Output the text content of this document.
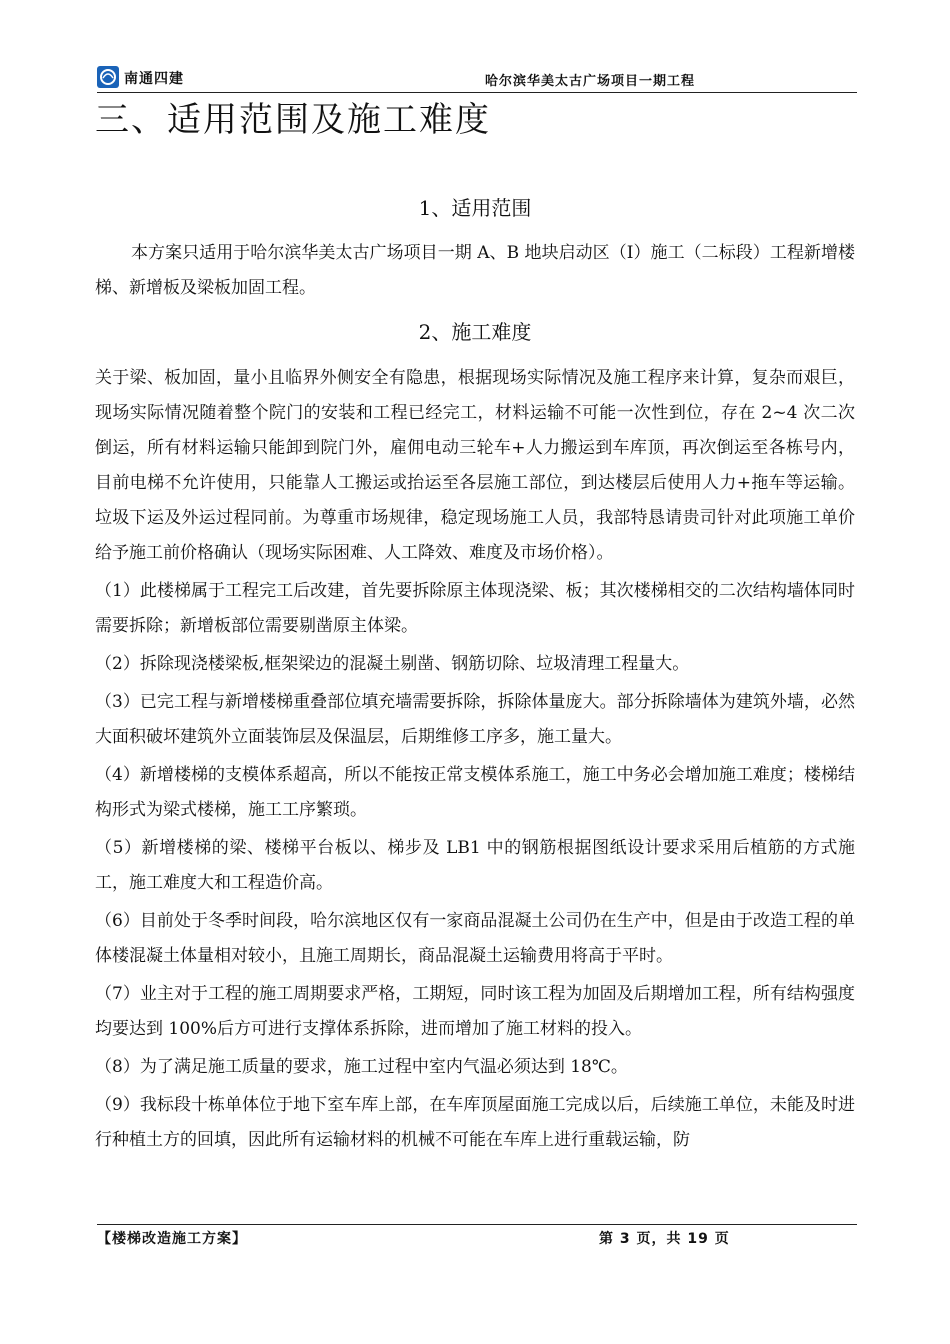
南通四建	哈尔滨华美太古广场项目一期工程
三、适用范围及施工难度
1、适用范围
本方案只适用于哈尔滨华美太古广场项目一期 A、B 地块启动区（Ⅰ）施工（二标段）工程新增楼梯、新增板及梁板加固工程。
2、施工难度

关于梁、板加固，量小且临界外侧安全有隐患，根据现场实际情况及施工程序来计算，复杂而艰巨，现场实际情况随着整个院门的安装和工程已经完工，材料运输不可能一次性到位，存在 2~4 次二次倒运，所有材料运输只能卸到院门外，雇佣电动三轮车+人力搬运到车库顶，再次倒运至各栋号内，目前电梯不允许使用，只能靠人工搬运或抬运至各层施工部位，到达楼层后使用人力+拖车等运输。垃圾下运及外运过程同前。为尊重市场规律，稳定现场施工人员，我部特恳请贵司针对此项施工单价给予施工前价格确认（现场实际困难、人工降效、难度及市场价格）。

（1）此楼梯属于工程完工后改建，首先要拆除原主体现浇梁、板；其次楼梯相交的二次结构墙体同时需要拆除；新增板部位需要剔凿原主体梁。

（2）拆除现浇楼梁板,框架梁边的混凝土剔凿、钢筋切除、垃圾清理工程量大。

（3）已完工程与新增楼梯重叠部位填充墙需要拆除，拆除体量庞大。部分拆除墙体为建筑外墙，必然大面积破坏建筑外立面装饰层及保温层，后期维修工序多，施工量大。

（4）新增楼梯的支模体系超高，所以不能按正常支模体系施工，施工中务必会增加施工难度；楼梯结构形式为梁式楼梯，施工工序繁琐。

（5）新增楼梯的梁、楼梯平台板以、梯步及 LB1 中的钢筋根据图纸设计要求采用后植筋的方式施工，施工难度大和工程造价高。

（6）目前处于冬季时间段，哈尔滨地区仅有一家商品混凝土公司仍在生产中，但是由于改造工程的单体楼混凝土体量相对较小，且施工周期长，商品混凝土运输费用将高于平时。

（7）业主对于工程的施工周期要求严格，工期短，同时该工程为加固及后期增加工程，所有结构强度均要达到 100%后方可进行支撑体系拆除，进而增加了施工材料的投入。

（8）为了满足施工质量的要求，施工过程中室内气温必须达到 18℃。

（9）我标段十栋单体位于地下室车库上部，在车库顶屋面施工完成以后，后续施工单位，未能及时进行种植土方的回填，因此所有运输材料的机械不可能在车库上进行重载运输，防

【楼梯改造施工方案】	第 3 页，共 19 页
